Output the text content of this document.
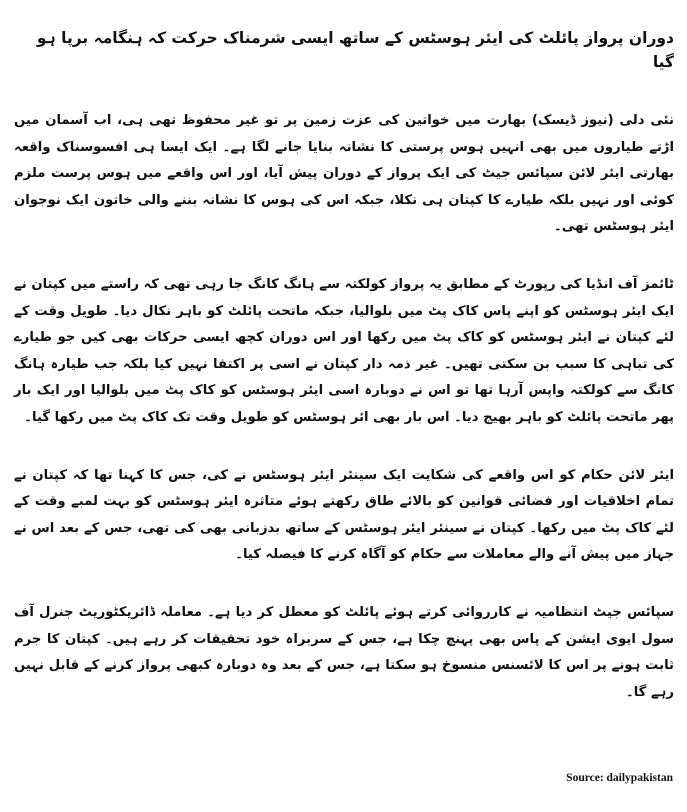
دوران پرواز پائلٹ کی ایئر ہوسٹس کے ساتھ ایسی شرمناک حرکت کہ ہنگامہ برپا ہو گیا

نئی دلی (نیوز ڈیسک) بھارت میں خواتین کی عزت زمین پر تو غیر محفوظ تھی ہی، اب آسمان میں اڑتے طیاروں میں بھی انہیں ہوس پرستی کا نشانہ بنایا جانے لگا ہے۔ ایک ایسا ہی افسوسناک واقعہ بھارتی ایئر لائن سپائس جیٹ کی ایک پرواز کے دوران پیش آیا، اور اس واقعے میں ہوس پرست ملزم کوئی اور نہیں بلکہ طیارے کا کپتان ہی نکلا، جبکہ اس کی ہوس کا نشانہ بننے والی خاتون ایک نوجوان ایئر ہوسٹس تھی۔

ٹائمز آف انڈیا کی رپورٹ کے مطابق یہ پرواز کولکتہ سے ہانگ کانگ جا رہی تھی کہ راستے میں کپتان نے ایک ایئر ہوسٹس کو اپنے پاس کاک پٹ میں بلوالیا، جبکہ ماتحت پائلٹ کو باہر نکال دیا۔ طویل وقت کے لئے کپتان نے ایئر ہوسٹس کو کاک پٹ میں رکھا اور اس دوران کچھ ایسی حرکات بھی کیں جو طیارے کی تباہی کا سبب بن سکتی تھیں۔ غیر ذمہ دار کپتان نے اسی پر اکتفا نہیں کیا بلکہ جب طیارہ ہانگ کانگ سے کولکتہ واپس آرہا تھا تو اس نے دوبارہ اسی ایئر ہوسٹس کو کاک پٹ میں بلوالیا اور ایک بار پھر ماتحت پائلٹ کو باہر بھیج دیا۔ اس بار بھی ائر ہوسٹس کو طویل وقت تک کاک پٹ میں رکھا گیا۔

ایئر لائن حکام کو اس واقعے کی شکایت ایک سینئر ایئر ہوسٹس نے کی، جس کا کہنا تھا کہ کپتان نے تمام اخلاقیات اور فضائی قوانین کو بالائے طاق رکھتے ہوئے متاثرہ ایئر ہوسٹس کو بہت لمبے وقت کے لئے کاک پٹ میں رکھا۔ کپتان نے سینئر ایئر ہوسٹس کے ساتھ بدزبانی بھی کی تھی، جس کے بعد اس نے جہاز میں پیش آنے والے معاملات سے حکام کو آگاہ کرنے کا فیصلہ کیا۔

سپائس جیٹ انتظامیہ نے کارروائی کرتے ہوئے پائلٹ کو معطل کر دیا ہے۔ معاملہ ڈائریکٹوریٹ جنرل آف سول ایوی ایشن کے پاس بھی پہنچ چکا ہے، جس کے سربراہ خود تحقیقات کر رہے ہیں۔ کپتان کا جرم ثابت ہونے پر اس کا لائسنس منسوخ ہو سکتا ہے، جس کے بعد وہ دوبارہ کبھی پرواز کرنے کے قابل نہیں رہے گا۔

Source: dailypakistan
